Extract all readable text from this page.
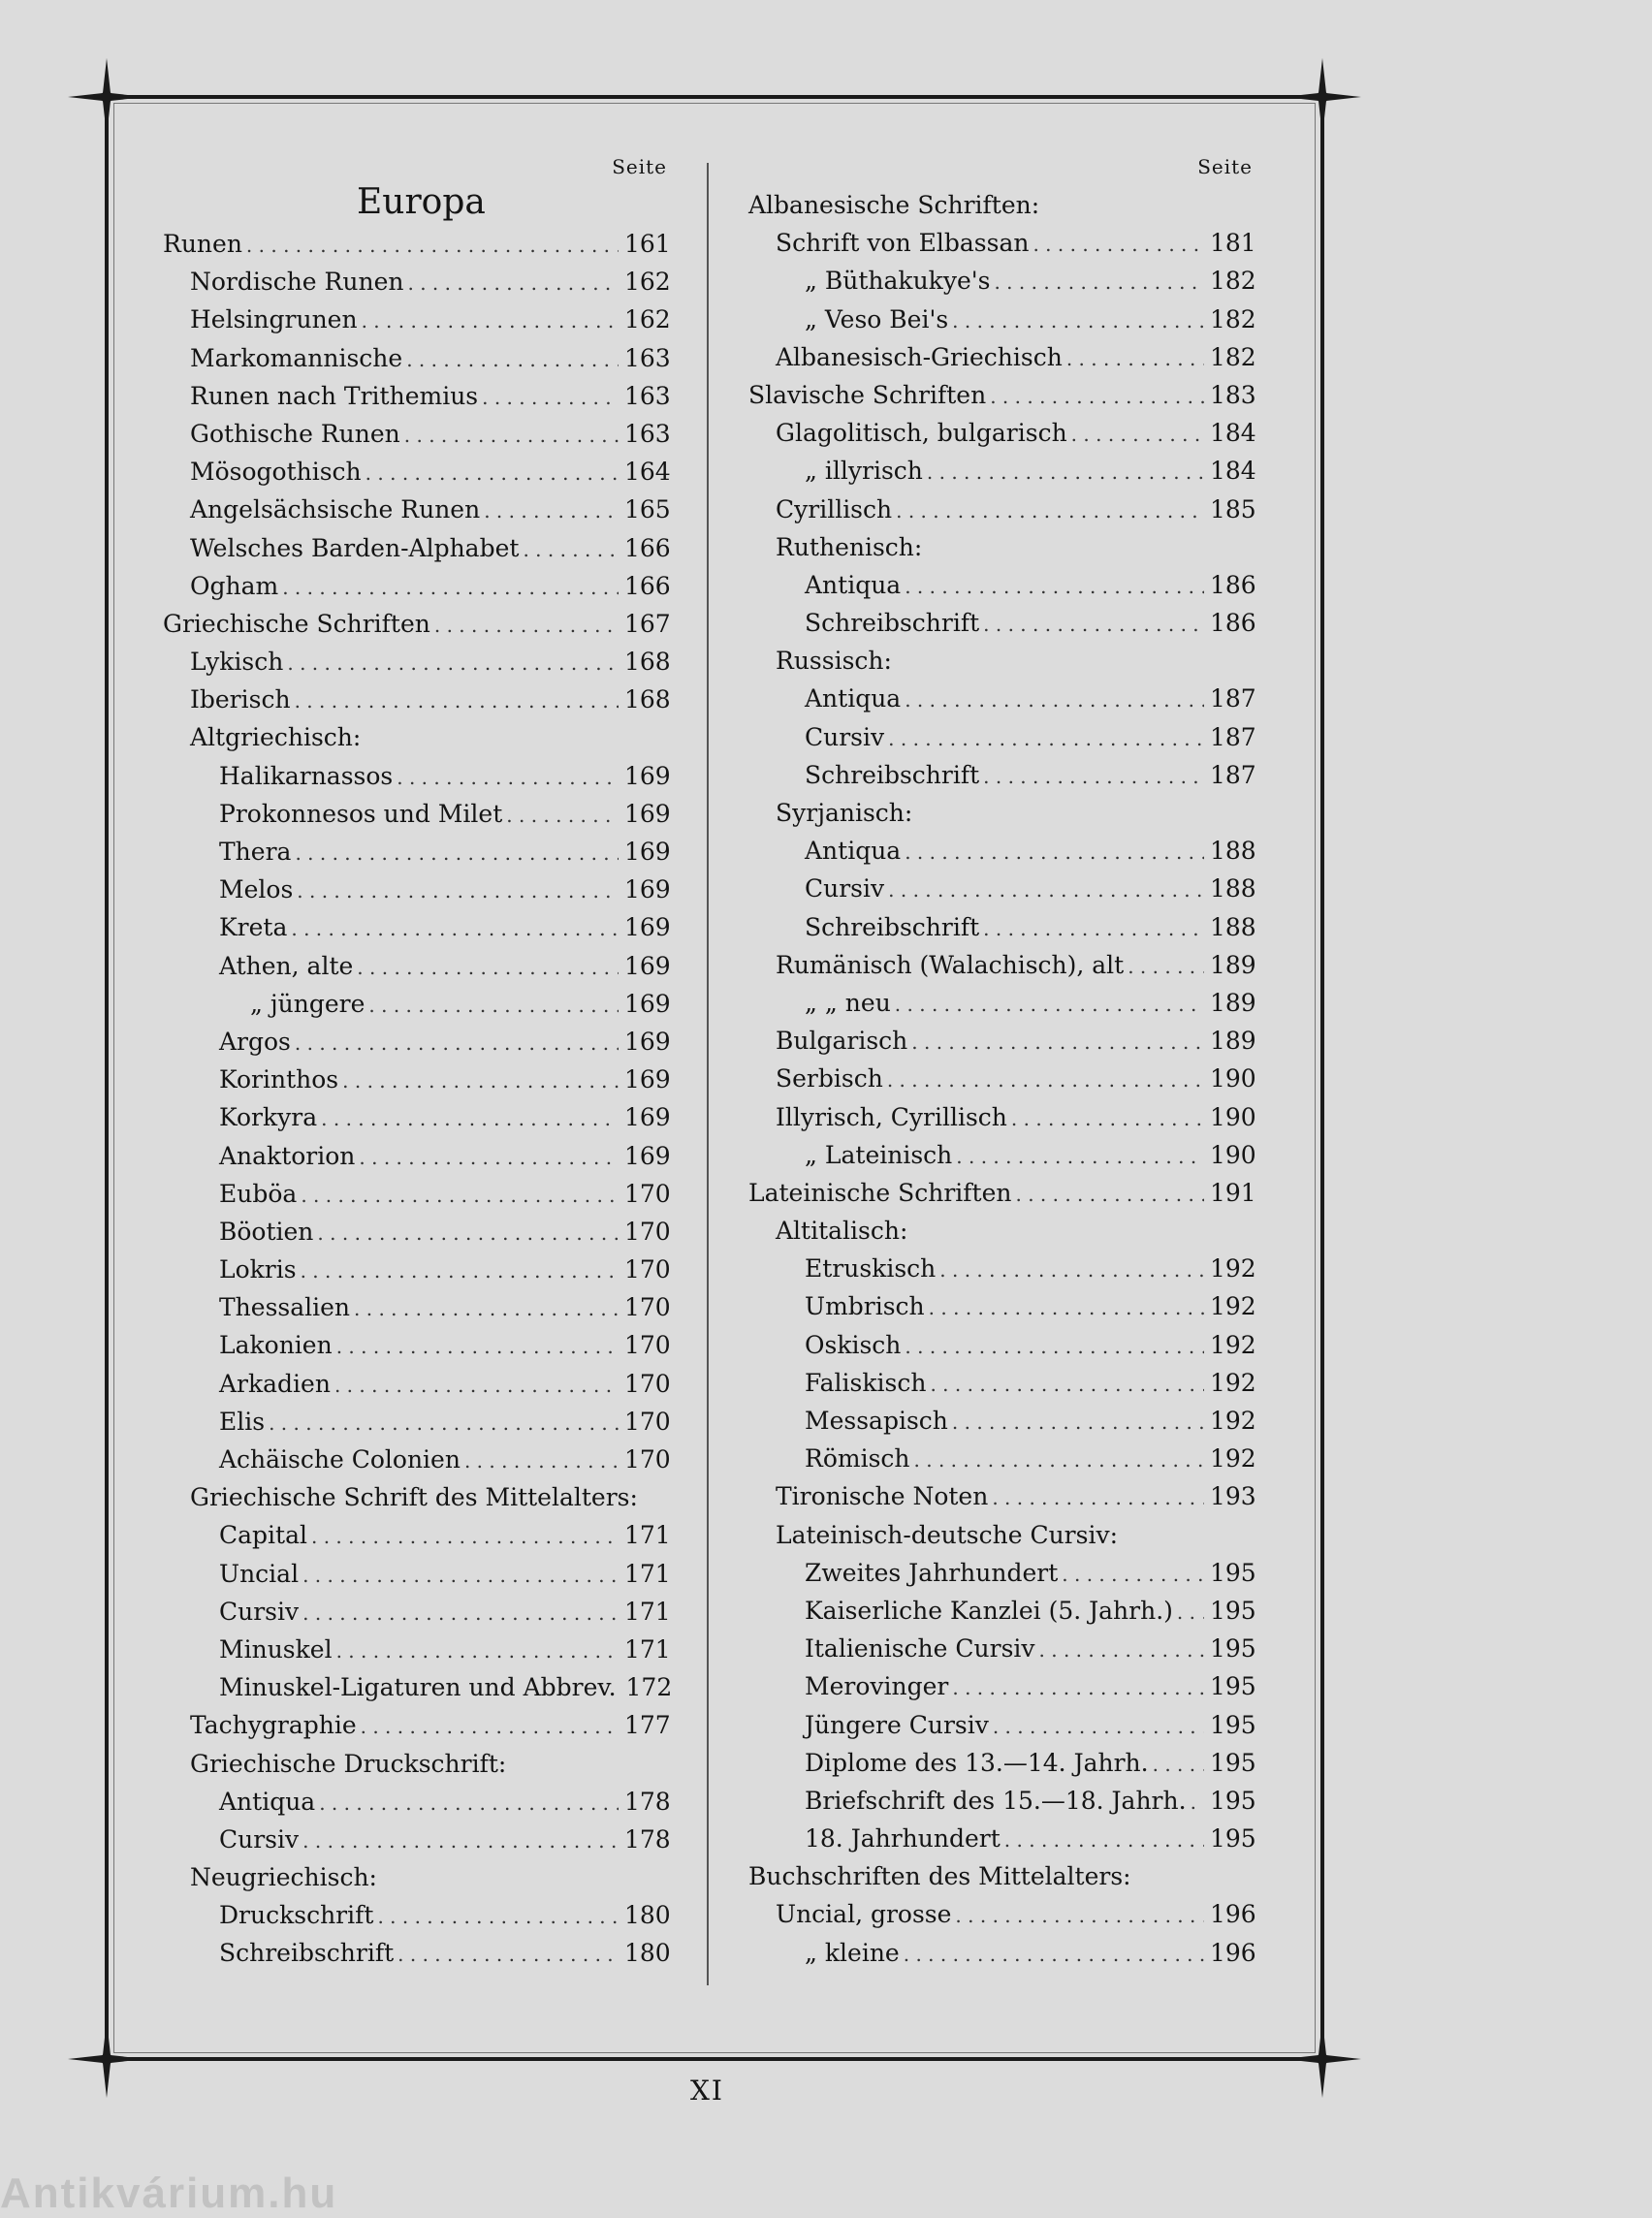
Seite
Europa
Runen . . .	161
Nordische Runen . . .	162
Helsingrunen . . .	162
Markomannische . . .	163
Runen nach Trithemius . . .	163
Gothische Runen . . .	163
Mösogothisch . . .	164
Angelsächsische Runen . . .	165
Welsches Barden-Alphabet . . .	166
Ogham . . .	166
Griechische Schriften . . .	167
Lykisch . . .	168
Iberisch . . .	168
Altgriechisch:
Halikarnassos . . .	169
Prokonnesos und Milet . . .	169
Thera . . .	169
Melos . . .	169
Kreta . . .	169
Athen, alte . . .	169
„ jüngere . . .	169
Argos . . .	169
Korinthos . . .	169
Korkyra . . .	169
Anaktorion . . .	169
Euböa . . .	170
Böotien . . .	170
Lokris . . .	170
Thessalien . . .	170
Lakonien . . .	170
Arkadien . . .	170
Elis . . .	170
Achäische Colonien . . .	170
Griechische Schrift des Mittelalters:
Capital . . .	171
Uncial . . .	171
Cursiv . . .	171
Minuskel . . .	171
Minuskel-Ligaturen und Abbrev. 172
Tachygraphie . . .	177
Griechische Druckschrift:
Antiqua . . .	178
Cursiv . . .	178
Neugriechisch:
Druckschrift . . .	180
Schreibschrift . . .	180
Seite
Albanesische Schriften:
Schrift von Elbassan . . .	181
„ Büthakukye's . . .	182
„ Veso Bei's . . .	182
Albanesisch-Griechisch . . .	182
Slavische Schriften . . .	183
Glagolitisch, bulgarisch . . .	184
„ illyrisch . . .	184
Cyrillisch . . .	185
Ruthenisch:
Antiqua . . .	186
Schreibschrift . . .	186
Russisch:
Antiqua . . .	187
Cursiv . . .	187
Schreibschrift . . .	187
Syrjanisch:
Antiqua . . .	188
Cursiv . . .	188
Schreibschrift . . .	188
Rumänisch (Walachisch), alt . . .	189
„ „ neu . . .	189
Bulgarisch . . .	189
Serbisch . . .	190
Illyrisch, Cyrillisch . . .	190
„ Lateinisch . . .	190
Lateinische Schriften . . .	191
Altitalisch:
Etruskisch . . .	192
Umbrisch . . .	192
Oskisch . . .	192
Faliskisch . . .	192
Messapisch . . .	192
Römisch . . .	192
Tironische Noten . . .	193
Lateinisch-deutsche Cursiv:
Zweites Jahrhundert . . .	195
Kaiserliche Kanzlei (5. Jahrh.) . . . 195
Italienische Cursiv . . .	195
Merovinger . . .	195
Jüngere Cursiv . . .	195
Diplome des 13.—14. Jahrh. . . .	195
Briefschrift des 15.—18. Jahrh. . . . 195
18. Jahrhundert . . .	195
Buchschriften des Mittelalters:
Uncial, grosse . . .	196
„ kleine . . .	196
XI
Antikvárium.hu
